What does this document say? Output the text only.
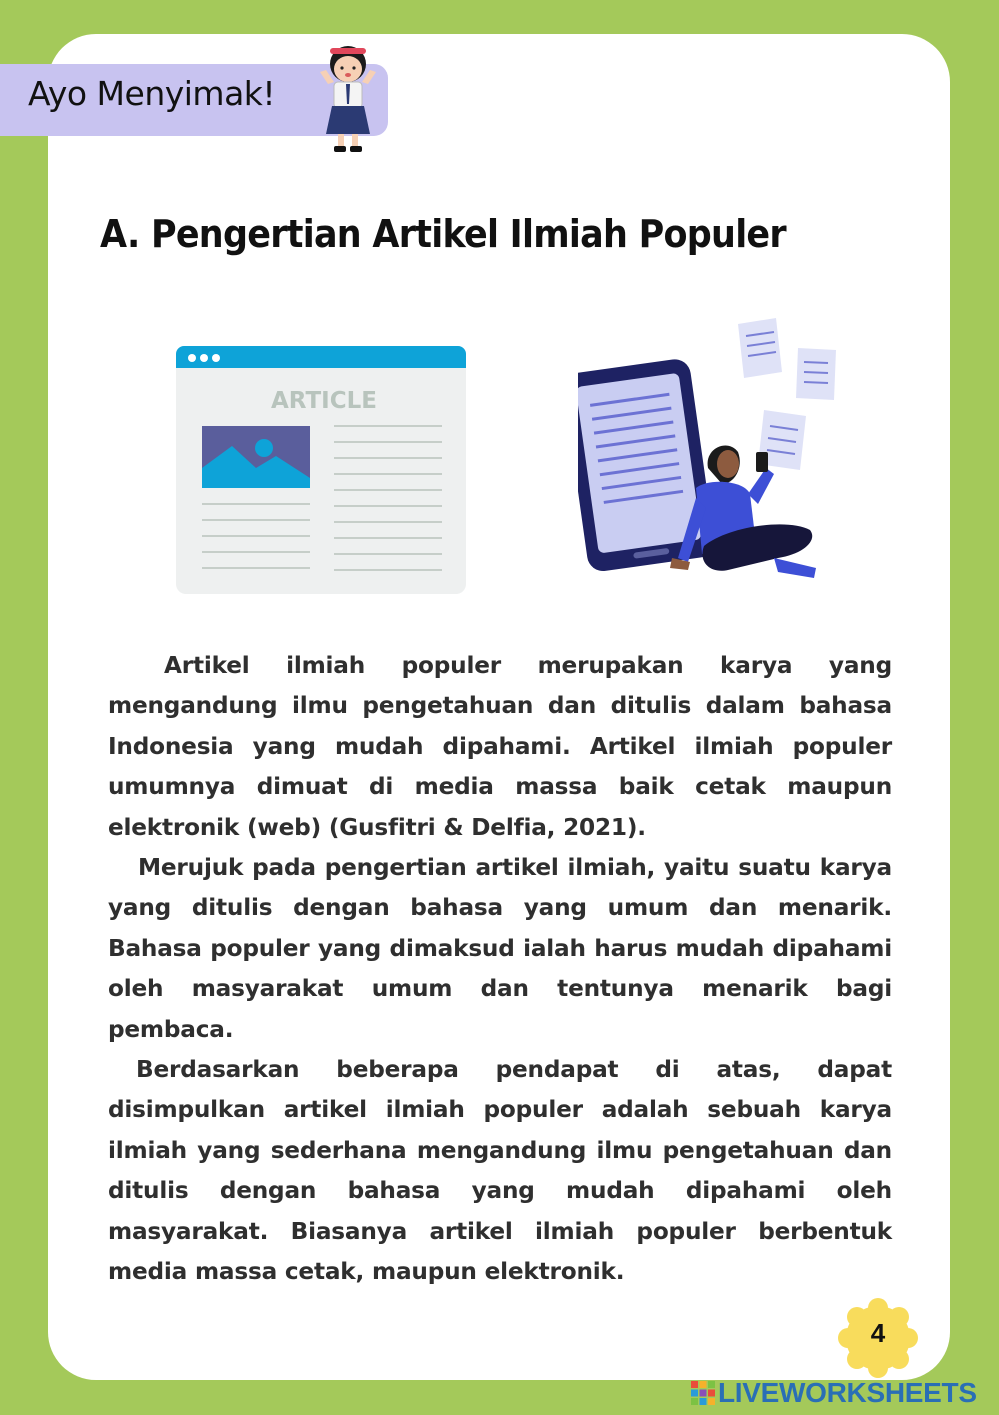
Ayo Menyimak!
A. Pengertian Artikel Ilmiah Populer
ARTICLE

Artikel ilmiah populer merupakan karya yang mengandung ilmu pengetahuan dan ditulis dalam bahasa Indonesia yang mudah dipahami. Artikel ilmiah populer umumnya dimuat di media massa baik cetak maupun elektronik (web) (Gusfitri & Delfia, 2021).

Merujuk pada pengertian artikel ilmiah, yaitu suatu karya yang ditulis dengan bahasa yang umum dan menarik. Bahasa populer yang dimaksud ialah harus mudah dipahami oleh masyarakat umum dan tentunya menarik bagi pembaca.

Berdasarkan beberapa pendapat di atas, dapat disimpulkan artikel ilmiah populer adalah sebuah karya ilmiah yang sederhana mengandung ilmu pengetahuan dan ditulis dengan bahasa yang mudah dipahami oleh masyarakat. Biasanya artikel ilmiah populer berbentuk media massa cetak, maupun elektronik.

4
LIVEWORKSHEETS
